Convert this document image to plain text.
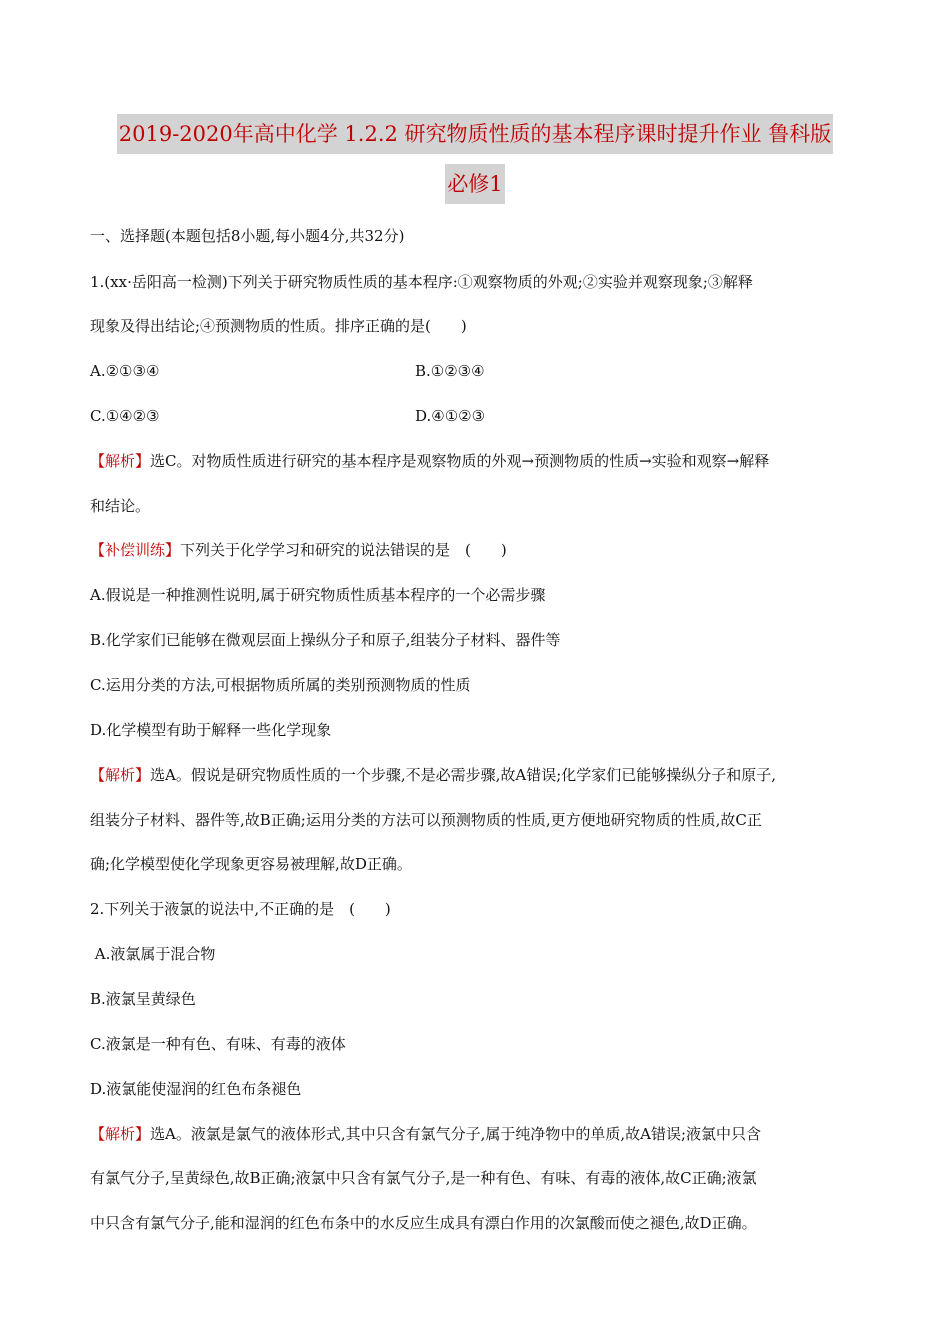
2019-2020年高中化学 1.2.2 研究物质性质的基本程序课时提升作业 鲁科版
必修1
一、选择题(本题包括8小题,每小题4分,共32分)
1.(xx·岳阳高一检测)下列关于研究物质性质的基本程序:①观察物质的外观;②实验并观察现象;③解释
现象及得出结论;④预测物质的性质。排序正确的是(　　)
A.②①③④	B.①②③④
C.①④②③	D.④①②③
【解析】选C。对物质性质进行研究的基本程序是观察物质的外观→预测物质的性质→实验和观察→解释
和结论。
【补偿训练】下列关于化学学习和研究的说法错误的是　(　　)
A.假说是一种推测性说明,属于研究物质性质基本程序的一个必需步骤
B.化学家们已能够在微观层面上操纵分子和原子,组装分子材料、器件等
C.运用分类的方法,可根据物质所属的类别预测物质的性质
D.化学模型有助于解释一些化学现象
【解析】选A。假说是研究物质性质的一个步骤,不是必需步骤,故A错误;化学家们已能够操纵分子和原子,
组装分子材料、器件等,故B正确;运用分类的方法可以预测物质的性质,更方便地研究物质的性质,故C正
确;化学模型使化学现象更容易被理解,故D正确。
2.下列关于液氯的说法中,不正确的是　(　　)
A.液氯属于混合物
B.液氯呈黄绿色
C.液氯是一种有色、有味、有毒的液体
D.液氯能使湿润的红色布条褪色
【解析】选A。液氯是氯气的液体形式,其中只含有氯气分子,属于纯净物中的单质,故A错误;液氯中只含
有氯气分子,呈黄绿色,故B正确;液氯中只含有氯气分子,是一种有色、有味、有毒的液体,故C正确;液氯
中只含有氯气分子,能和湿润的红色布条中的水反应生成具有漂白作用的次氯酸而使之褪色,故D正确。
